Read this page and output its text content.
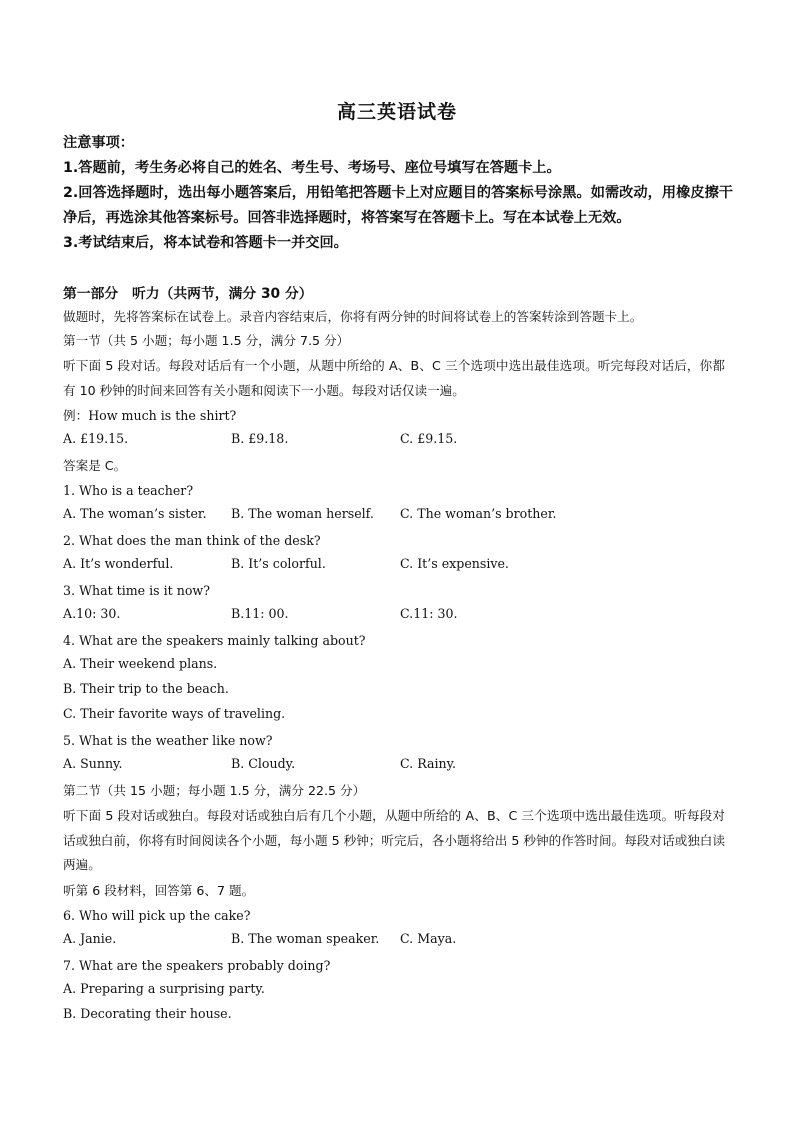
高三英语试卷

注意事项：

1.答题前，考生务必将自己的姓名、考生号、考场号、座位号填写在答题卡上。

2.回答选择题时，选出每小题答案后，用铅笔把答题卡上对应题目的答案标号涂黑。如需改动，用橡皮擦干净后，再选涂其他答案标号。回答非选择题时，将答案写在答题卡上。写在本试卷上无效。

3.考试结束后，将本试卷和答题卡一并交回。

第一部分　听力（共两节，满分 30 分）
做题时，先将答案标在试卷上。录音内容结束后，你将有两分钟的时间将试卷上的答案转涂到答题卡上。
第一节（共 5 小题；每小题 1.5 分，满分 7.5 分）
听下面 5 段对话。每段对话后有一个小题，从题中所给的 A、B、C 三个选项中选出最佳选项。听完每段对话后，你都有 10 秒钟的时间来回答有关小题和阅读下一小题。每段对话仅读一遍。
例：How much is the shirt?
A. £19.15.	B. £9.18.	C. £9.15.
答案是 C。
1. Who is a teacher?
A. The woman’s sister. B. The woman herself. C. The woman’s brother.
2. What does the man think of the desk?
A. It’s wonderful.	B. It’s colorful.	C. It’s expensive.
3. What time is it now?
A.10: 30.	B.11: 00.	C.11: 30.
4. What are the speakers mainly talking about?
A. Their weekend plans.
B. Their trip to the beach.
C. Their favorite ways of traveling.
5. What is the weather like now?
A. Sunny.	B. Cloudy.	C. Rainy.
第二节（共 15 小题；每小题 1.5 分，满分 22.5 分）
听下面 5 段对话或独白。每段对话或独白后有几个小题，从题中所给的 A、B、C 三个选项中选出最佳选项。听每段对话或独白前，你将有时间阅读各个小题，每小题 5 秒钟；听完后，各小题将给出 5 秒钟的作答时间。每段对话或独白读两遍。
听第 6 段材料，回答第 6、7 题。
6. Who will pick up the cake?
A. Janie.	B. The woman speaker. C. Maya.
7. What are the speakers probably doing?
A. Preparing a surprising party.
B. Decorating their house.
